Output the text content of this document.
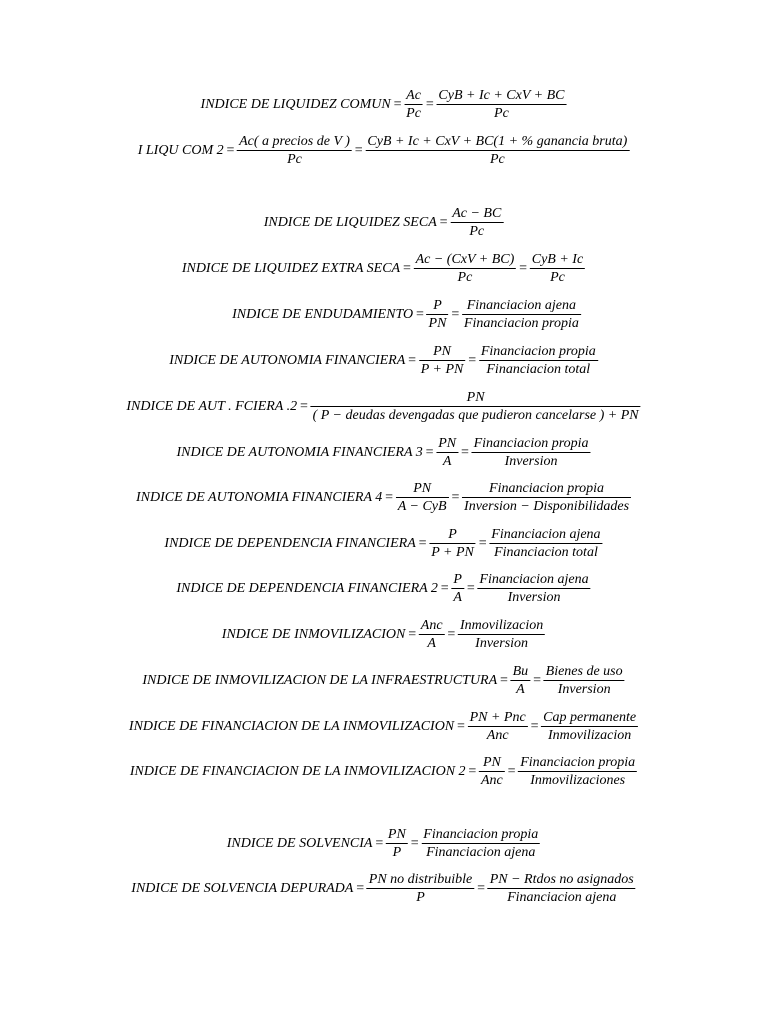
INDICE DE LIQUIDEZ COMUN = $\frac{Ac}{Pc} = \frac{\text{CyB + Ic + CxV + BC}}{Pc}$
I LIQU COM $2 = \frac{\text{Ac( a precios de V )}}{Pc} = \frac{\text{CyB + Ic + CxV + BC(1 + \% ganancia bruta)}}{Pc}$
INDICE DE LIQUIDEZ SECA = $\frac{Ac - BC}{Pc}$
INDICE DE LIQUIDEZ EXTRA SECA = $\frac{\text{Ac − (CxV + BC)}}{Pc} = \frac{\text{CyB + Ic}}{Pc}$
INDICE DE ENDUDAMIENTO = $\frac{P}{PN} = \frac{\text{Financiacion ajena}}{\text{Financiacion propia}}$
INDICE DE AUTONOMIA FINANCIERA = $\frac{PN}{P + PN} = \frac{\text{Financiacion propia}}{\text{Financiacion total}}$
INDICE DE AUT . FCIERA $.2 = \frac{PN}{\text{( P − deudas devengadas que pudieron cancelarse ) + PN}}$
INDICE DE AUTONOMIA FINANCIERA $3 = \frac{PN}{A} = \frac{\text{Financiacion propia}}{\text{Inversion}}$
INDICE DE AUTONOMIA FINANCIERA $4 = \frac{PN}{\text{A − CyB}} = \frac{\text{Financiacion propia}}{\text{Inversion − Disponibilidades}}$
INDICE DE DEPENDENCIA FINANCIERA = $\frac{P}{P + PN} = \frac{\text{Financiacion ajena}}{\text{Financiacion total}}$
INDICE DE DEPENDENCIA FINANCIERA $2 = \frac{P}{A} = \frac{\text{Financiacion ajena}}{\text{Inversion}}$
INDICE DE INMOVILIZACION = $\frac{\text{Anc}}{A} = \frac{\text{Inmovilizacion}}{\text{Inversion}}$
INDICE DE INMOVILIZACION DE LA INFRAESTRUCTURA = $\frac{Bu}{A} = \frac{\text{Bienes de uso}}{\text{Inversion}}$
INDICE DE FINANCIACION DE LA INMOVILIZACION = $\frac{\text{PN + Pnc}}{\text{Anc}} = \frac{\text{Cap permanente}}{\text{Inmovilizacion}}$
INDICE DE FINANCIACION DE LA INMOVILIZACION $2 = \frac{PN}{\text{Anc}} = \frac{\text{Financiacion propia}}{\text{Inmovilizaciones}}$
INDICE DE SOLVENCIA = $\frac{PN}{P} = \frac{\text{Financiacion propia}}{\text{Financiacion ajena}}$
INDICE DE SOLVENCIA DEPURADA = $\frac{\text{PN no distribuible}}{P} = \frac{\text{PN − Rtdos no asignados}}{\text{Financiacion ajena}}$
